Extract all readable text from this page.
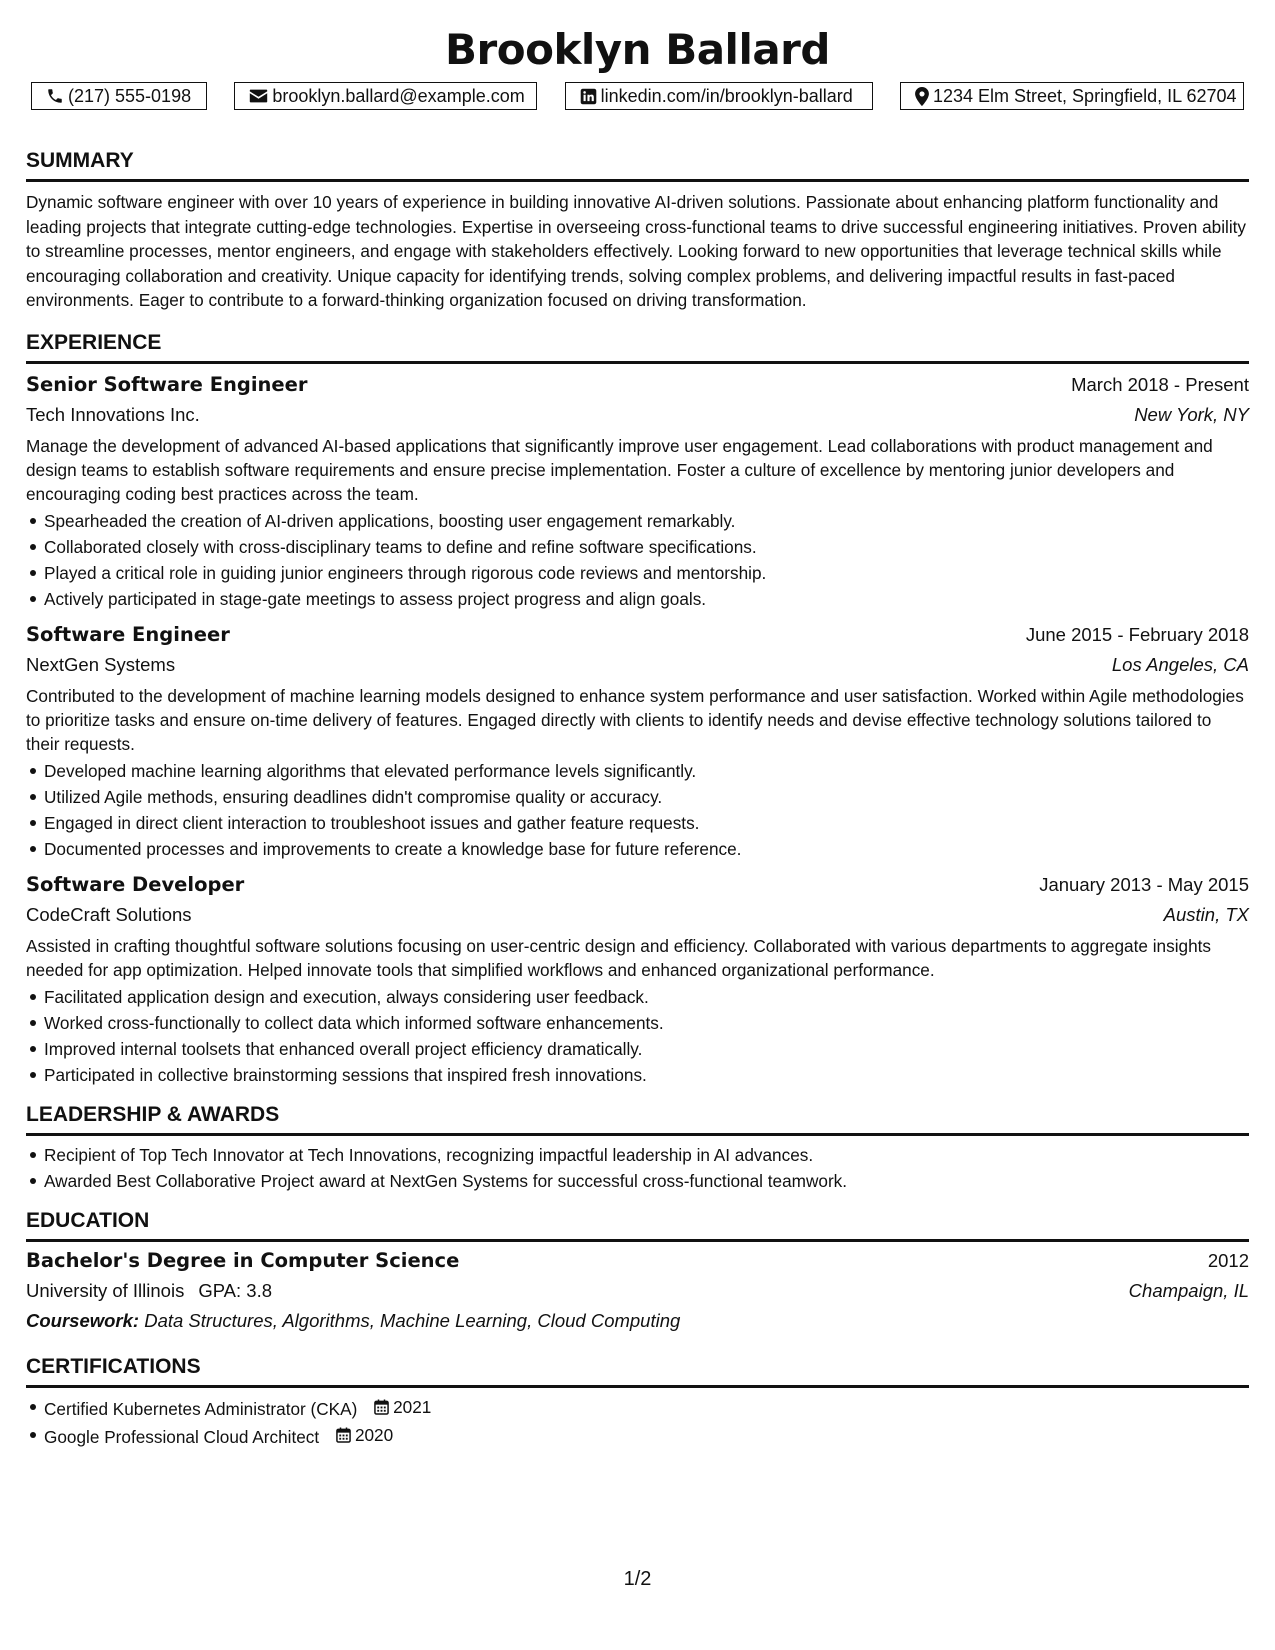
Brooklyn Ballard
(217) 555-0198	brooklyn.ballard@example.com	linkedin.com/in/brooklyn-ballard	1234 Elm Street, Springfield, IL 62704
SUMMARY
Dynamic software engineer with over 10 years of experience in building innovative AI-driven solutions. Passionate about enhancing platform functionality and leading projects that integrate cutting-edge technologies. Expertise in overseeing cross-functional teams to drive successful engineering initiatives. Proven ability to streamline processes, mentor engineers, and engage with stakeholders effectively. Looking forward to new opportunities that leverage technical skills while encouraging collaboration and creativity. Unique capacity for identifying trends, solving complex problems, and delivering impactful results in fast-paced environments. Eager to contribute to a forward-thinking organization focused on driving transformation.
EXPERIENCE
Senior Software Engineer	March 2018 - Present
Tech Innovations Inc.	New York, NY
Manage the development of advanced AI-based applications that significantly improve user engagement. Lead collaborations with product management and design teams to establish software requirements and ensure precise implementation. Foster a culture of excellence by mentoring junior developers and encouraging coding best practices across the team.
Spearheaded the creation of AI-driven applications, boosting user engagement remarkably.
Collaborated closely with cross-disciplinary teams to define and refine software specifications.
Played a critical role in guiding junior engineers through rigorous code reviews and mentorship.
Actively participated in stage-gate meetings to assess project progress and align goals.
Software Engineer	June 2015 - February 2018
NextGen Systems	Los Angeles, CA
Contributed to the development of machine learning models designed to enhance system performance and user satisfaction. Worked within Agile methodologies to prioritize tasks and ensure on-time delivery of features. Engaged directly with clients to identify needs and devise effective technology solutions tailored to their requests.
Developed machine learning algorithms that elevated performance levels significantly.
Utilized Agile methods, ensuring deadlines didn't compromise quality or accuracy.
Engaged in direct client interaction to troubleshoot issues and gather feature requests.
Documented processes and improvements to create a knowledge base for future reference.
Software Developer	January 2013 - May 2015
CodeCraft Solutions	Austin, TX
Assisted in crafting thoughtful software solutions focusing on user-centric design and efficiency. Collaborated with various departments to aggregate insights needed for app optimization. Helped innovate tools that simplified workflows and enhanced organizational performance.
Facilitated application design and execution, always considering user feedback.
Worked cross-functionally to collect data which informed software enhancements.
Improved internal toolsets that enhanced overall project efficiency dramatically.
Participated in collective brainstorming sessions that inspired fresh innovations.
LEADERSHIP & AWARDS
Recipient of Top Tech Innovator at Tech Innovations, recognizing impactful leadership in AI advances.
Awarded Best Collaborative Project award at NextGen Systems for successful cross-functional teamwork.
EDUCATION
Bachelor's Degree in Computer Science	2012
University of Illinois GPA: 3.8	Champaign, IL
Coursework: Data Structures, Algorithms, Machine Learning, Cloud Computing
CERTIFICATIONS
Certified Kubernetes Administrator (CKA) 2021
Google Professional Cloud Architect 2020
1/2
